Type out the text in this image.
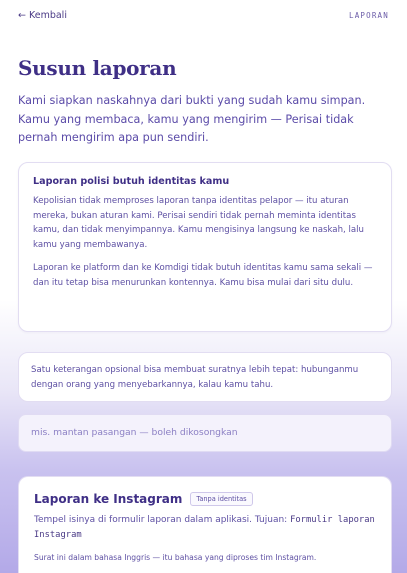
← Kembali	LAPORAN
Susun laporan

Kami siapkan naskahnya dari bukti yang sudah kamu simpan. Kamu yang membaca, kamu yang mengirim — Perisai tidak pernah mengirim apa pun sendiri.

Laporan polisi butuh identitas kamu

Kepolisian tidak memproses laporan tanpa identitas pelapor — itu aturan mereka, bukan aturan kami. Perisai sendiri tidak pernah meminta identitas kamu, dan tidak menyimpannya. Kamu mengisinya langsung ke naskah, lalu kamu yang membawanya.

Laporan ke platform dan ke Komdigi tidak butuh identitas kamu sama sekali — dan itu tetap bisa menurunkan kontennya. Kamu bisa mulai dari situ dulu.

Satu keterangan opsional bisa membuat suratnya lebih tepat: hubunganmu dengan orang yang menyebarkannya, kalau kamu tahu.

mis. mantan pasangan — boleh dikosongkan
Laporan ke Instagram	Tanpa identitas
Tempel isinya di formulir laporan dalam aplikasi. Tujuan: Formulir laporan Instagram

Surat ini dalam bahasa Inggris — itu bahasa yang diproses tim Instagram.
